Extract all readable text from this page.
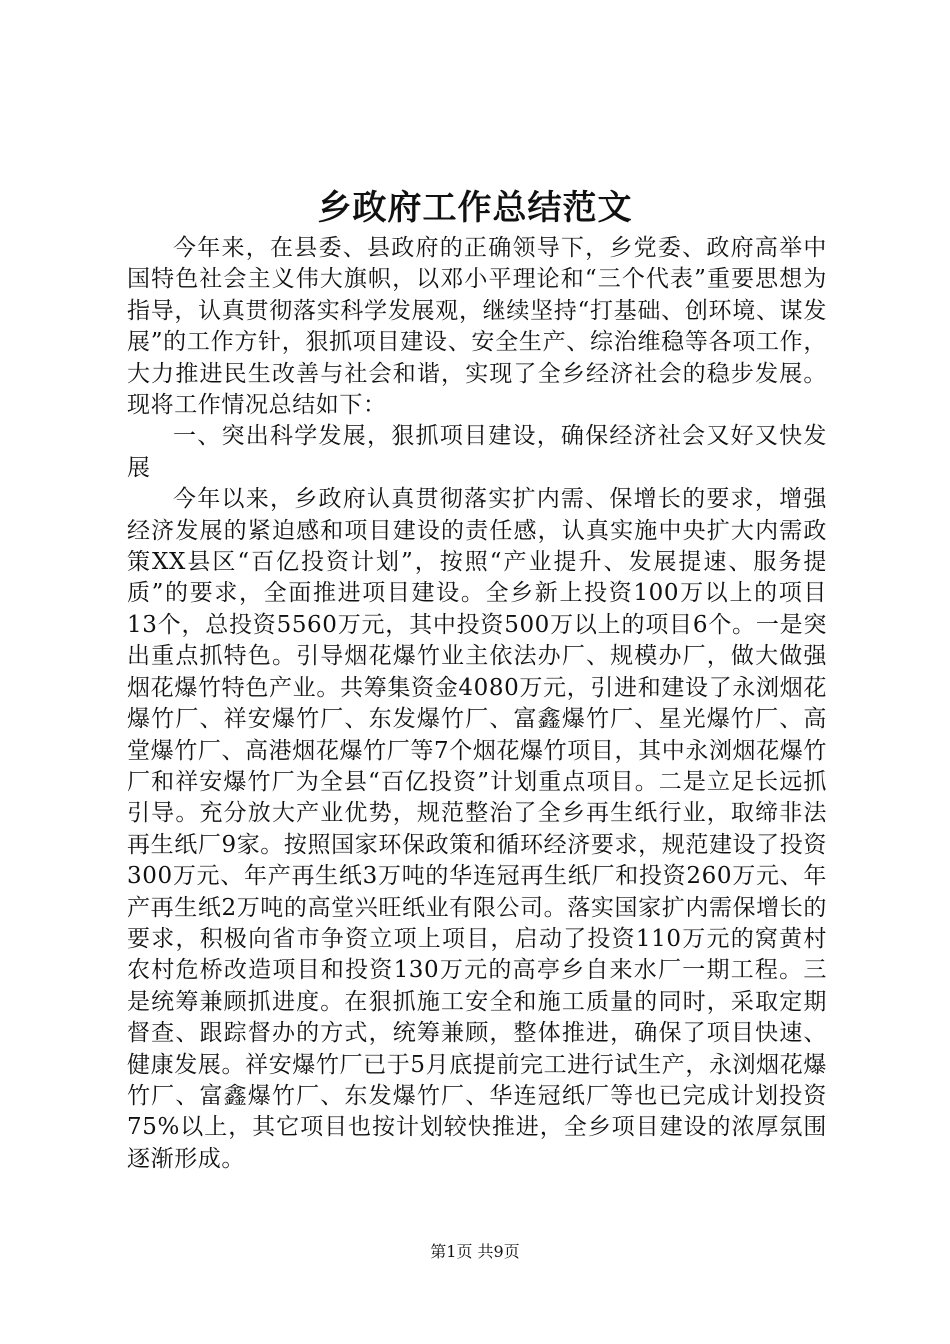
乡政府工作总结范文

今年来，在县委、县政府的正确领导下，乡党委、政府高举中国特色社会主义伟大旗帜，以邓小平理论和“三个代表”重要思想为指导，认真贯彻落实科学发展观，继续坚持“打基础、创环境、谋发展”的工作方针，狠抓项目建设、安全生产、综治维稳等各项工作，大力推进民生改善与社会和谐，实现了全乡经济社会的稳步发展。现将工作情况总结如下：

一、突出科学发展，狠抓项目建设，确保经济社会又好又快发展

今年以来，乡政府认真贯彻落实扩内需、保增长的要求，增强经济发展的紧迫感和项目建设的责任感，认真实施中央扩大内需政策XX县区“百亿投资计划”，按照“产业提升、发展提速、服务提质”的要求，全面推进项目建设。全乡新上投资100万以上的项目13个，总投资5560万元，其中投资500万以上的项目6个。一是突出重点抓特色。引导烟花爆竹业主依法办厂、规模办厂，做大做强烟花爆竹特色产业。共筹集资金4080万元，引进和建设了永浏烟花爆竹厂、祥安爆竹厂、东发爆竹厂、富鑫爆竹厂、星光爆竹厂、高堂爆竹厂、高港烟花爆竹厂等7个烟花爆竹项目，其中永浏烟花爆竹厂和祥安爆竹厂为全县“百亿投资”计划重点项目。二是立足长远抓引导。充分放大产业优势，规范整治了全乡再生纸行业，取缔非法再生纸厂9家。按照国家环保政策和循环经济要求，规范建设了投资300万元、年产再生纸3万吨的华连冠再生纸厂和投资260万元、年产再生纸2万吨的高堂兴旺纸业有限公司。落实国家扩内需保增长的要求，积极向省市争资立项上项目，启动了投资110万元的窝黄村农村危桥改造项目和投资130万元的高亭乡自来水厂一期工程。三是统筹兼顾抓进度。在狠抓施工安全和施工质量的同时，采取定期督查、跟踪督办的方式，统筹兼顾，整体推进，确保了项目快速、健康发展。祥安爆竹厂已于5月底提前完工进行试生产，永浏烟花爆竹厂、富鑫爆竹厂、东发爆竹厂、华连冠纸厂等也已完成计划投资75%以上，其它项目也按计划较快推进，全乡项目建设的浓厚氛围逐渐形成。

第1页 共9页
